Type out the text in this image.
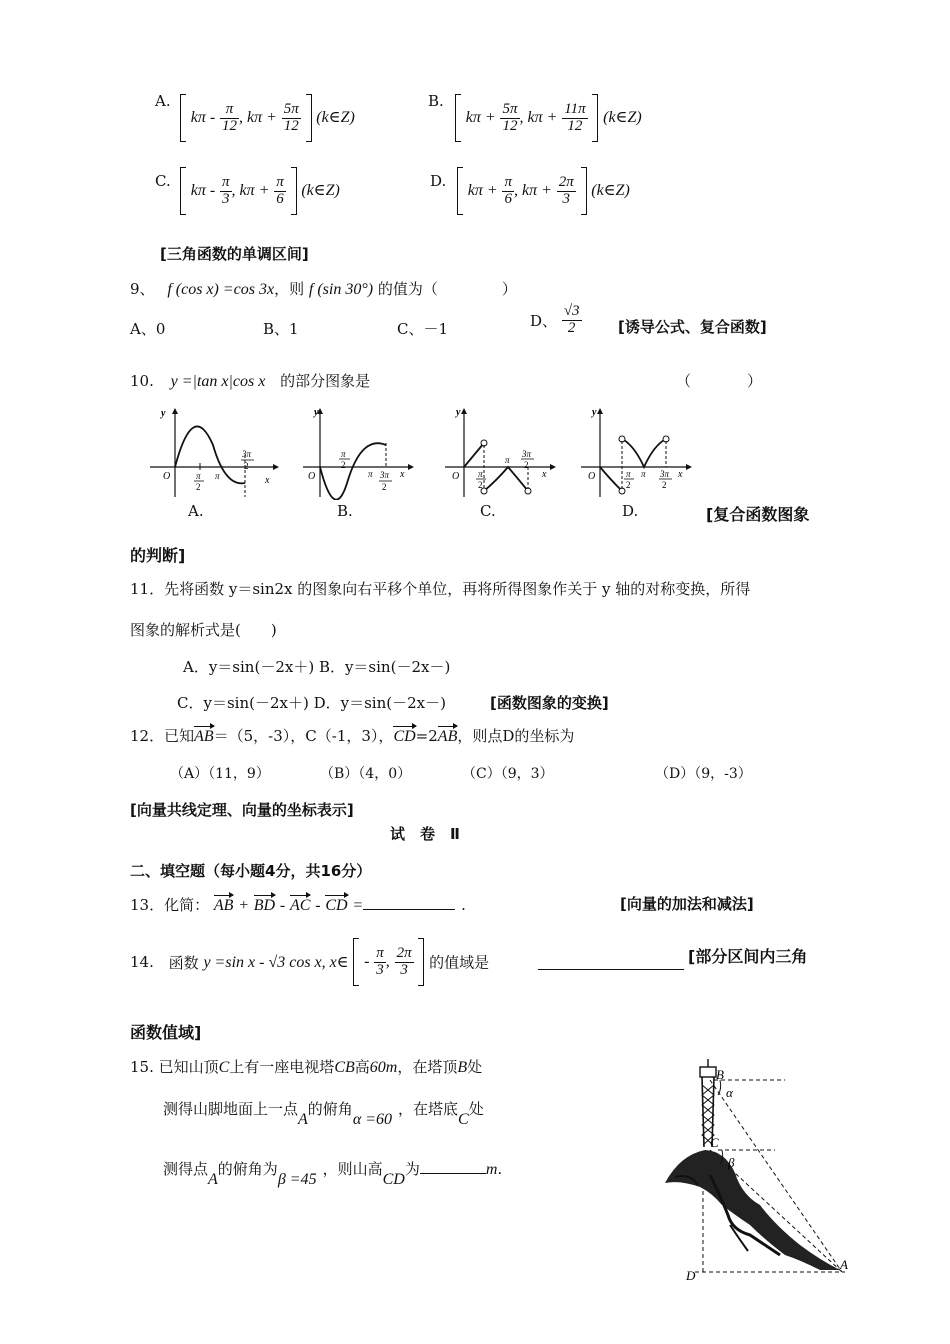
A.
kπ - $\frac{\pi}{12}$ , $k\pi + \frac{5\pi}{12}$ (k∈Z)
B.
$k\pi + \frac{5\pi}{12}$ , $k\pi + \frac{11\pi}{12}$ (k∈Z)
C.
kπ - $\frac{\pi}{3}$ , $k\pi + \frac{\pi}{6}$ (k∈Z)
D.
$k\pi + \frac{\pi}{6}$ , $k\pi + \frac{2\pi}{3}$ (k∈Z)
[三角函数的单调区间]
9、 f (cos x) =cos 3x，则 f (sin 30°) 的值为（	）
A、0	B、1	C、－1	D、 $\frac{√3}{2}$ [诱导公式、复合函数]
10. y =|tan x|cos x 的部分图象是	（	）
y
O	x
π
2
π
3π
2
A.
y
O	x
π
2
π 3π
2
B.
y
O	x
π
2
π
3π
2
C.
y
O	x
π
2
π 3π
2
D.	[复合函数图象
的判断]
11．先将函数 y＝sin2x 的图象向右平移个单位，再将所得图象作关于 y 轴的对称变换，所得
图象的解析式是(　　)
A．y＝sin(－2x＋) B．y＝sin(－2x－)
C．y＝sin(－2x＋) D．y＝sin(－2x－)	[函数图象的变换]
12．已知AB＝（5，-3），C（-1，3），CD=2AB，则点D的坐标为
（A）（11，9）	（B）（4，0）	（C）（9，3）	（D）（9，-3）
[向量共线定理、向量的坐标表示]
试　卷　Ⅱ
二、填空题（每小题4分，共16分）
13．化简： AB + BD - AC - CD =	.	[向量的加法和减法]
14. 函数 y =sin x - √3 cos x, x∈ - $\frac{\pi}{3}$ , $\frac{2\pi}{3}$ 的值域是	[部分区间内三角
函数值域]
15. 已知山顶C上有一座电视塔CB高60m，在塔顶B处
测得山脚地面上一点A的俯角α =60，在塔底C处
测得点A的俯角为β =45，则山高CD为	m.
B
α
C
β
D
A
